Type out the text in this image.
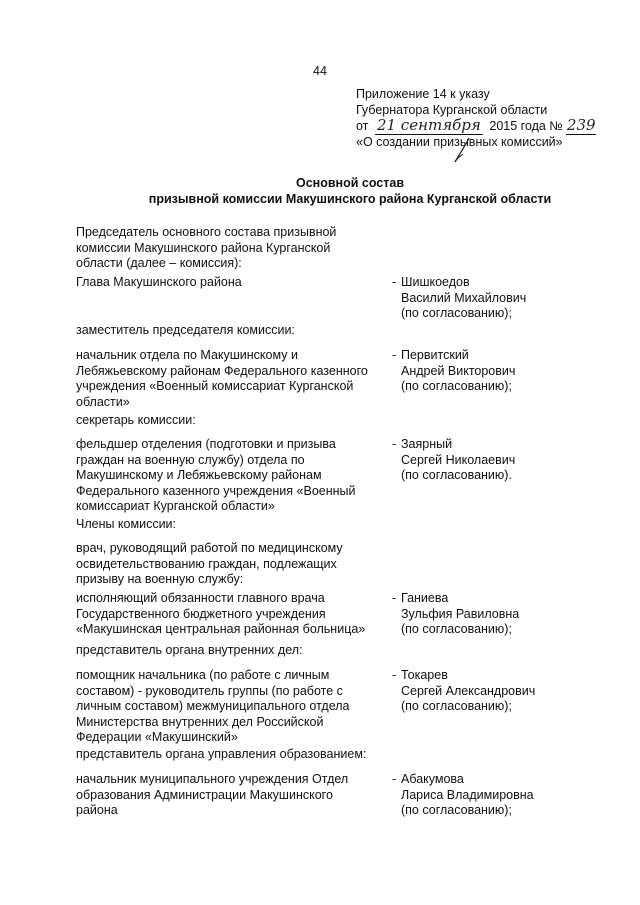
44
Приложение 14 к указу
Губернатора Курганской области
от 21 сентября 2015 года № 239
«О создании призывных комиссий»
Основной состав
призывной комиссии Макушинского района Курганской области
Председатель основного состава призывной
комиссии Макушинского района Курганской
области (далее – комиссия):
Глава Макушинского района	- Шишкоедов
Василий Михайлович
(по согласованию);
заместитель председателя комиссии:
начальник отдела по Макушинскому и
Лебяжьевскому районам Федерального казенного
учреждения «Военный комиссариат Курганской
области»
- Первитский
Андрей Викторович
(по согласованию);
секретарь комиссии:
фельдшер отделения (подготовки и призыва
граждан на военную службу) отдела по
Макушинскому и Лебяжьевскому районам
Федерального казенного учреждения «Военный
комиссариат Курганской области»
- Заярный
Сергей Николаевич
(по согласованию).
Члены комиссии:
врач, руководящий работой по медицинскому
освидетельствованию граждан, подлежащих
призыву на военную службу:
исполняющий обязанности главного врача
Государственного бюджетного учреждения
«Макушинская центральная районная больница»
- Ганиева
Зульфия Равиловна
(по согласованию);
представитель органа внутренних дел:
помощник начальника (по работе с личным
составом) - руководитель группы (по работе с
личным составом) межмуниципального отдела
Министерства внутренних дел Российской
Федерации «Макушинский»
- Токарев
Сергей Александрович
(по согласованию);
представитель органа управления образованием:
начальник муниципального учреждения Отдел
образования Администрации Макушинского
района
- Абакумова
Лариса Владимировна
(по согласованию);
